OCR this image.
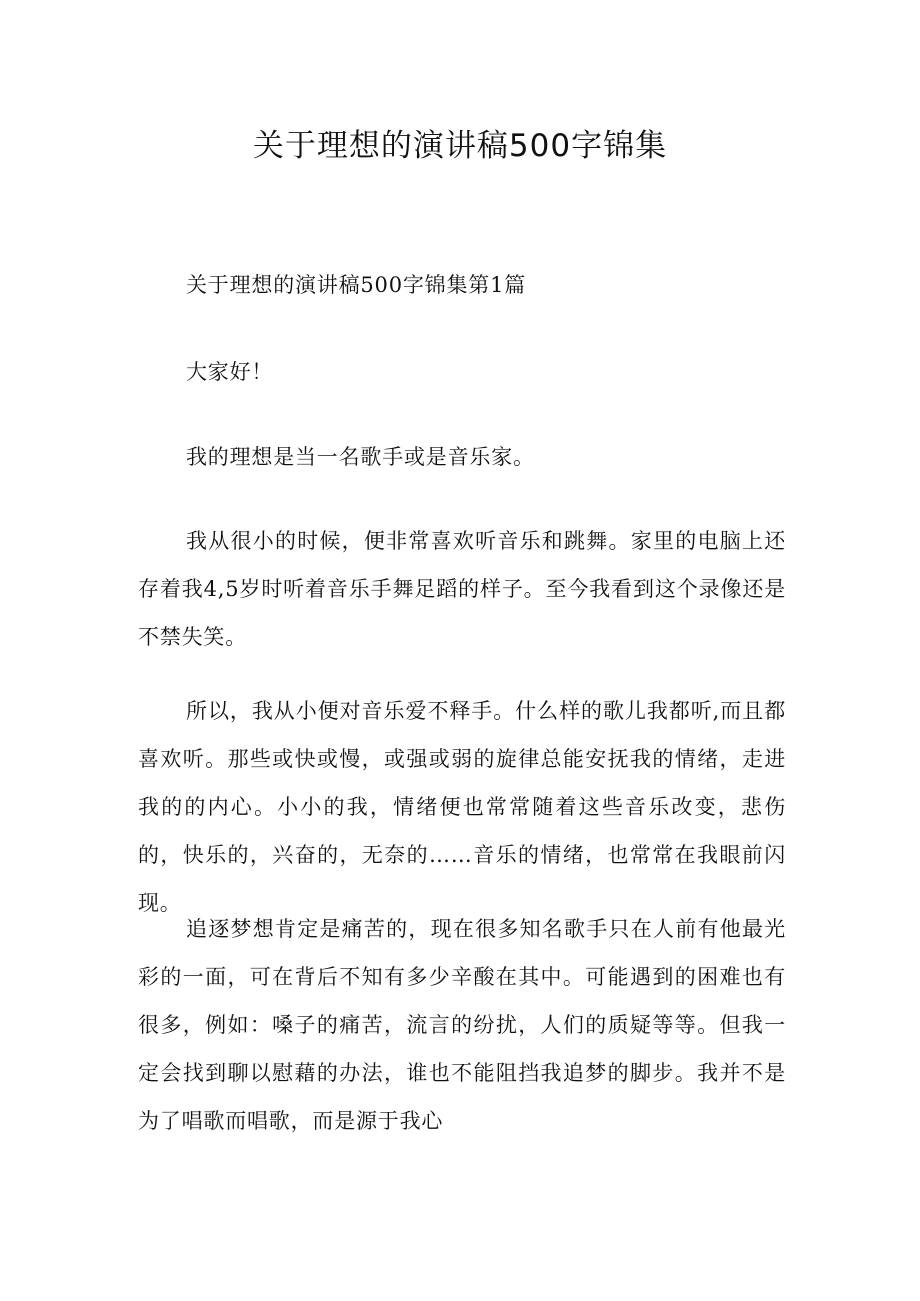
关于理想的演讲稿500字锦集

关于理想的演讲稿500字锦集第1篇

大家好！

我的理想是当一名歌手或是音乐家。

我从很小的时候，便非常喜欢听音乐和跳舞。家里的电脑上还存着我4,5岁时听着音乐手舞足蹈的样子。至今我看到这个录像还是不禁失笑。

所以，我从小便对音乐爱不释手。什么样的歌儿我都听,而且都喜欢听。那些或快或慢，或强或弱的旋律总能安抚我的情绪，走进我的的内心。小小的我，情绪便也常常随着这些音乐改变，悲伤的，快乐的，兴奋的，无奈的……音乐的情绪，也常常在我眼前闪现。

追逐梦想肯定是痛苦的，现在很多知名歌手只在人前有他最光彩的一面，可在背后不知有多少辛酸在其中。可能遇到的困难也有很多，例如：嗓子的痛苦，流言的纷扰，人们的质疑等等。但我一定会找到聊以慰藉的办法，谁也不能阻挡我追梦的脚步。我并不是为了唱歌而唱歌，而是源于我心
